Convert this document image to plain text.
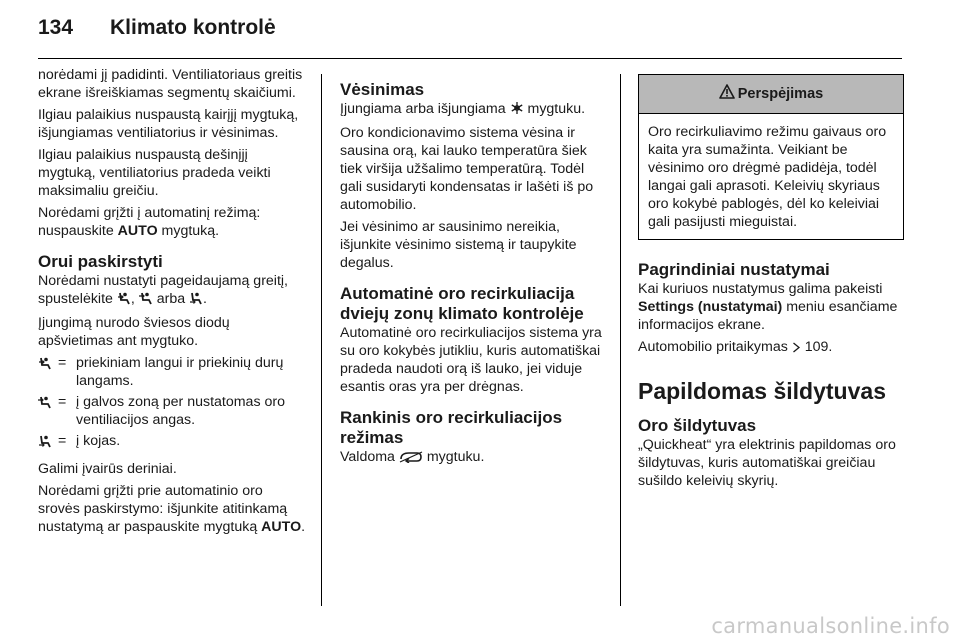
134	Klimato kontrolė

norėdami jį padidinti. Ventiliatoriaus greitis ekrane išreiškiamas segmentų skaičiumi.

Ilgiau palaikius nuspaustą kairįjį mygtuką, išjungiamas ventiliatorius ir vėsinimas.

Ilgiau palaikius nuspaustą dešinįjį mygtuką, ventiliatorius pradeda veikti maksimaliu greičiu.

Norėdami grįžti į automatinį režimą: nuspauskite AUTO mygtuką.

Orui paskirstyti

Norėdami nustatyti pageidaujamą greitį, spustelėkite ,  arba .

Įjungimą nurodo šviesos diodų apšvietimas ant mygtuko.

= priekiniam langui ir priekinių durų langams.
= į galvos zoną per nustatomas oro ventiliacijos angas.
= į kojas.

Galimi įvairūs deriniai.

Norėdami grįžti prie automatinio oro srovės paskirstymo: išjunkite atitinkamą nustatymą ar paspauskite mygtuką AUTO.

Vėsinimas

Įjungiama arba išjungiama  mygtuku.

Oro kondicionavimo sistema vėsina ir sausina orą, kai lauko temperatūra šiek tiek viršija užšalimo temperatūrą. Todėl gali susidaryti kondensatas ir lašėti iš po automobilio.

Jei vėsinimo ar sausinimo nereikia, išjunkite vėsinimo sistemą ir taupykite degalus.

Automatinė oro recirkuliacija dviejų zonų klimato kontrolėje

Automatinė oro recirkuliacijos sistema yra su oro kokybės jutikliu, kuris automatiškai pradeda naudoti orą iš lauko, jei viduje esantis oras yra per drėgnas.

Rankinis oro recirkuliacijos režimas

Valdoma  mygtuku.

Perspėjimas
Oro recirkuliavimo režimu gaivaus oro kaita yra sumažinta. Veikiant be vėsinimo oro drėgmė padidėja, todėl langai gali aprasoti. Keleivių skyriaus oro kokybė pablogės, dėl ko keleiviai gali pasijusti mieguistai.
Pagrindiniai nustatymai

Kai kuriuos nustatymus galima pakeisti Settings (nustatymai) meniu esančiame informacijos ekrane.

Automobilio pritaikymas  109.

Papildomas šildytuvas
Oro šildytuvas

„Quickheat“ yra elektrinis papildomas oro šildytuvas, kuris automatiškai greičiau sušildo keleivių skyrių.

carmanualsonline.info
